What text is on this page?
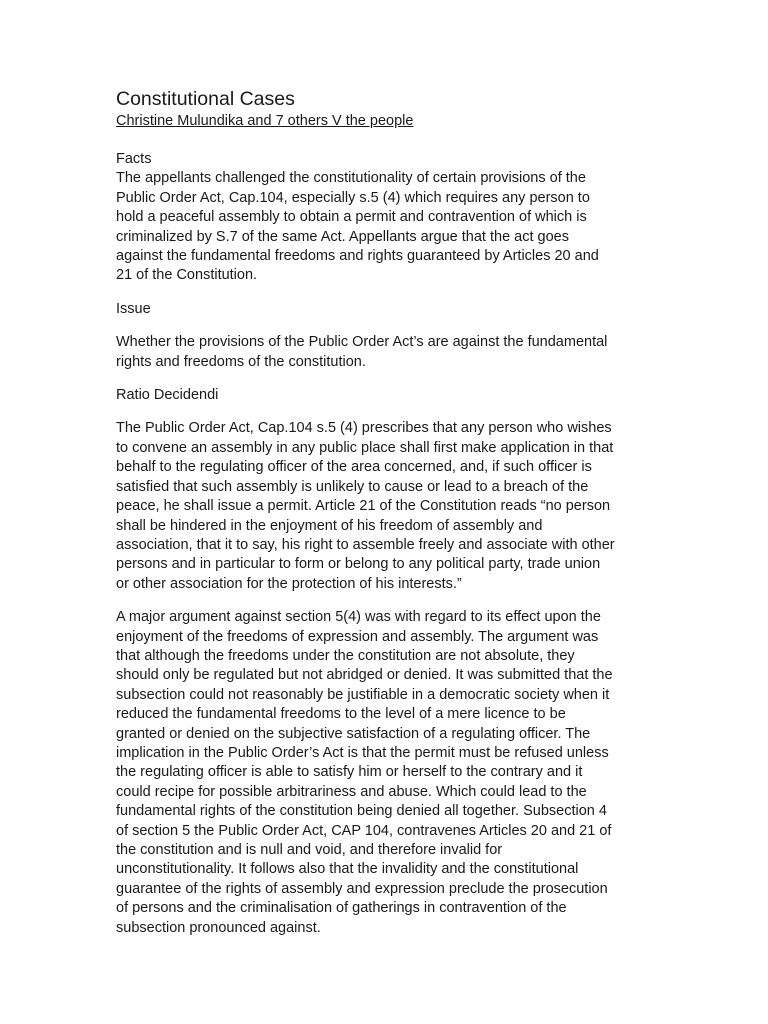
Constitutional Cases
Christine Mulundika and 7 others V the people
Facts
The appellants challenged the constitutionality of certain provisions of the
Public Order Act, Cap.104, especially s.5 (4) which requires any person to
hold a peaceful assembly to obtain a permit and contravention of which is
criminalized by S.7 of the same Act. Appellants argue that the act goes
against the fundamental freedoms and rights guaranteed by Articles 20 and
21 of the Constitution.
Issue
Whether the provisions of the Public Order Act’s are against the fundamental
rights and freedoms of the constitution.
Ratio Decidendi
The Public Order Act, Cap.104 s.5 (4) prescribes that any person who wishes
to convene an assembly in any public place shall first make application in that
behalf to the regulating officer of the area concerned, and, if such officer is
satisfied that such assembly is unlikely to cause or lead to a breach of the
peace, he shall issue a permit. Article 21 of the Constitution reads “no person
shall be hindered in the enjoyment of his freedom of assembly and
association, that it to say, his right to assemble freely and associate with other
persons and in particular to form or belong to any political party, trade union
or other association for the protection of his interests.”
A major argument against section 5(4) was with regard to its effect upon the
enjoyment of the freedoms of expression and assembly. The argument was
that although the freedoms under the constitution are not absolute, they
should only be regulated but not abridged or denied. It was submitted that the
subsection could not reasonably be justifiable in a democratic society when it
reduced the fundamental freedoms to the level of a mere licence to be
granted or denied on the subjective satisfaction of a regulating officer. The
implication in the Public Order’s Act is that the permit must be refused unless
the regulating officer is able to satisfy him or herself to the contrary and it
could recipe for possible arbitrariness and abuse. Which could lead to the
fundamental rights of the constitution being denied all together. Subsection 4
of section 5 the Public Order Act, CAP 104, contravenes Articles 20 and 21 of
the constitution and is null and void, and therefore invalid for
unconstitutionality. It follows also that the invalidity and the constitutional
guarantee of the rights of assembly and expression preclude the prosecution
of persons and the criminalisation of gatherings in contravention of the
subsection pronounced against.
